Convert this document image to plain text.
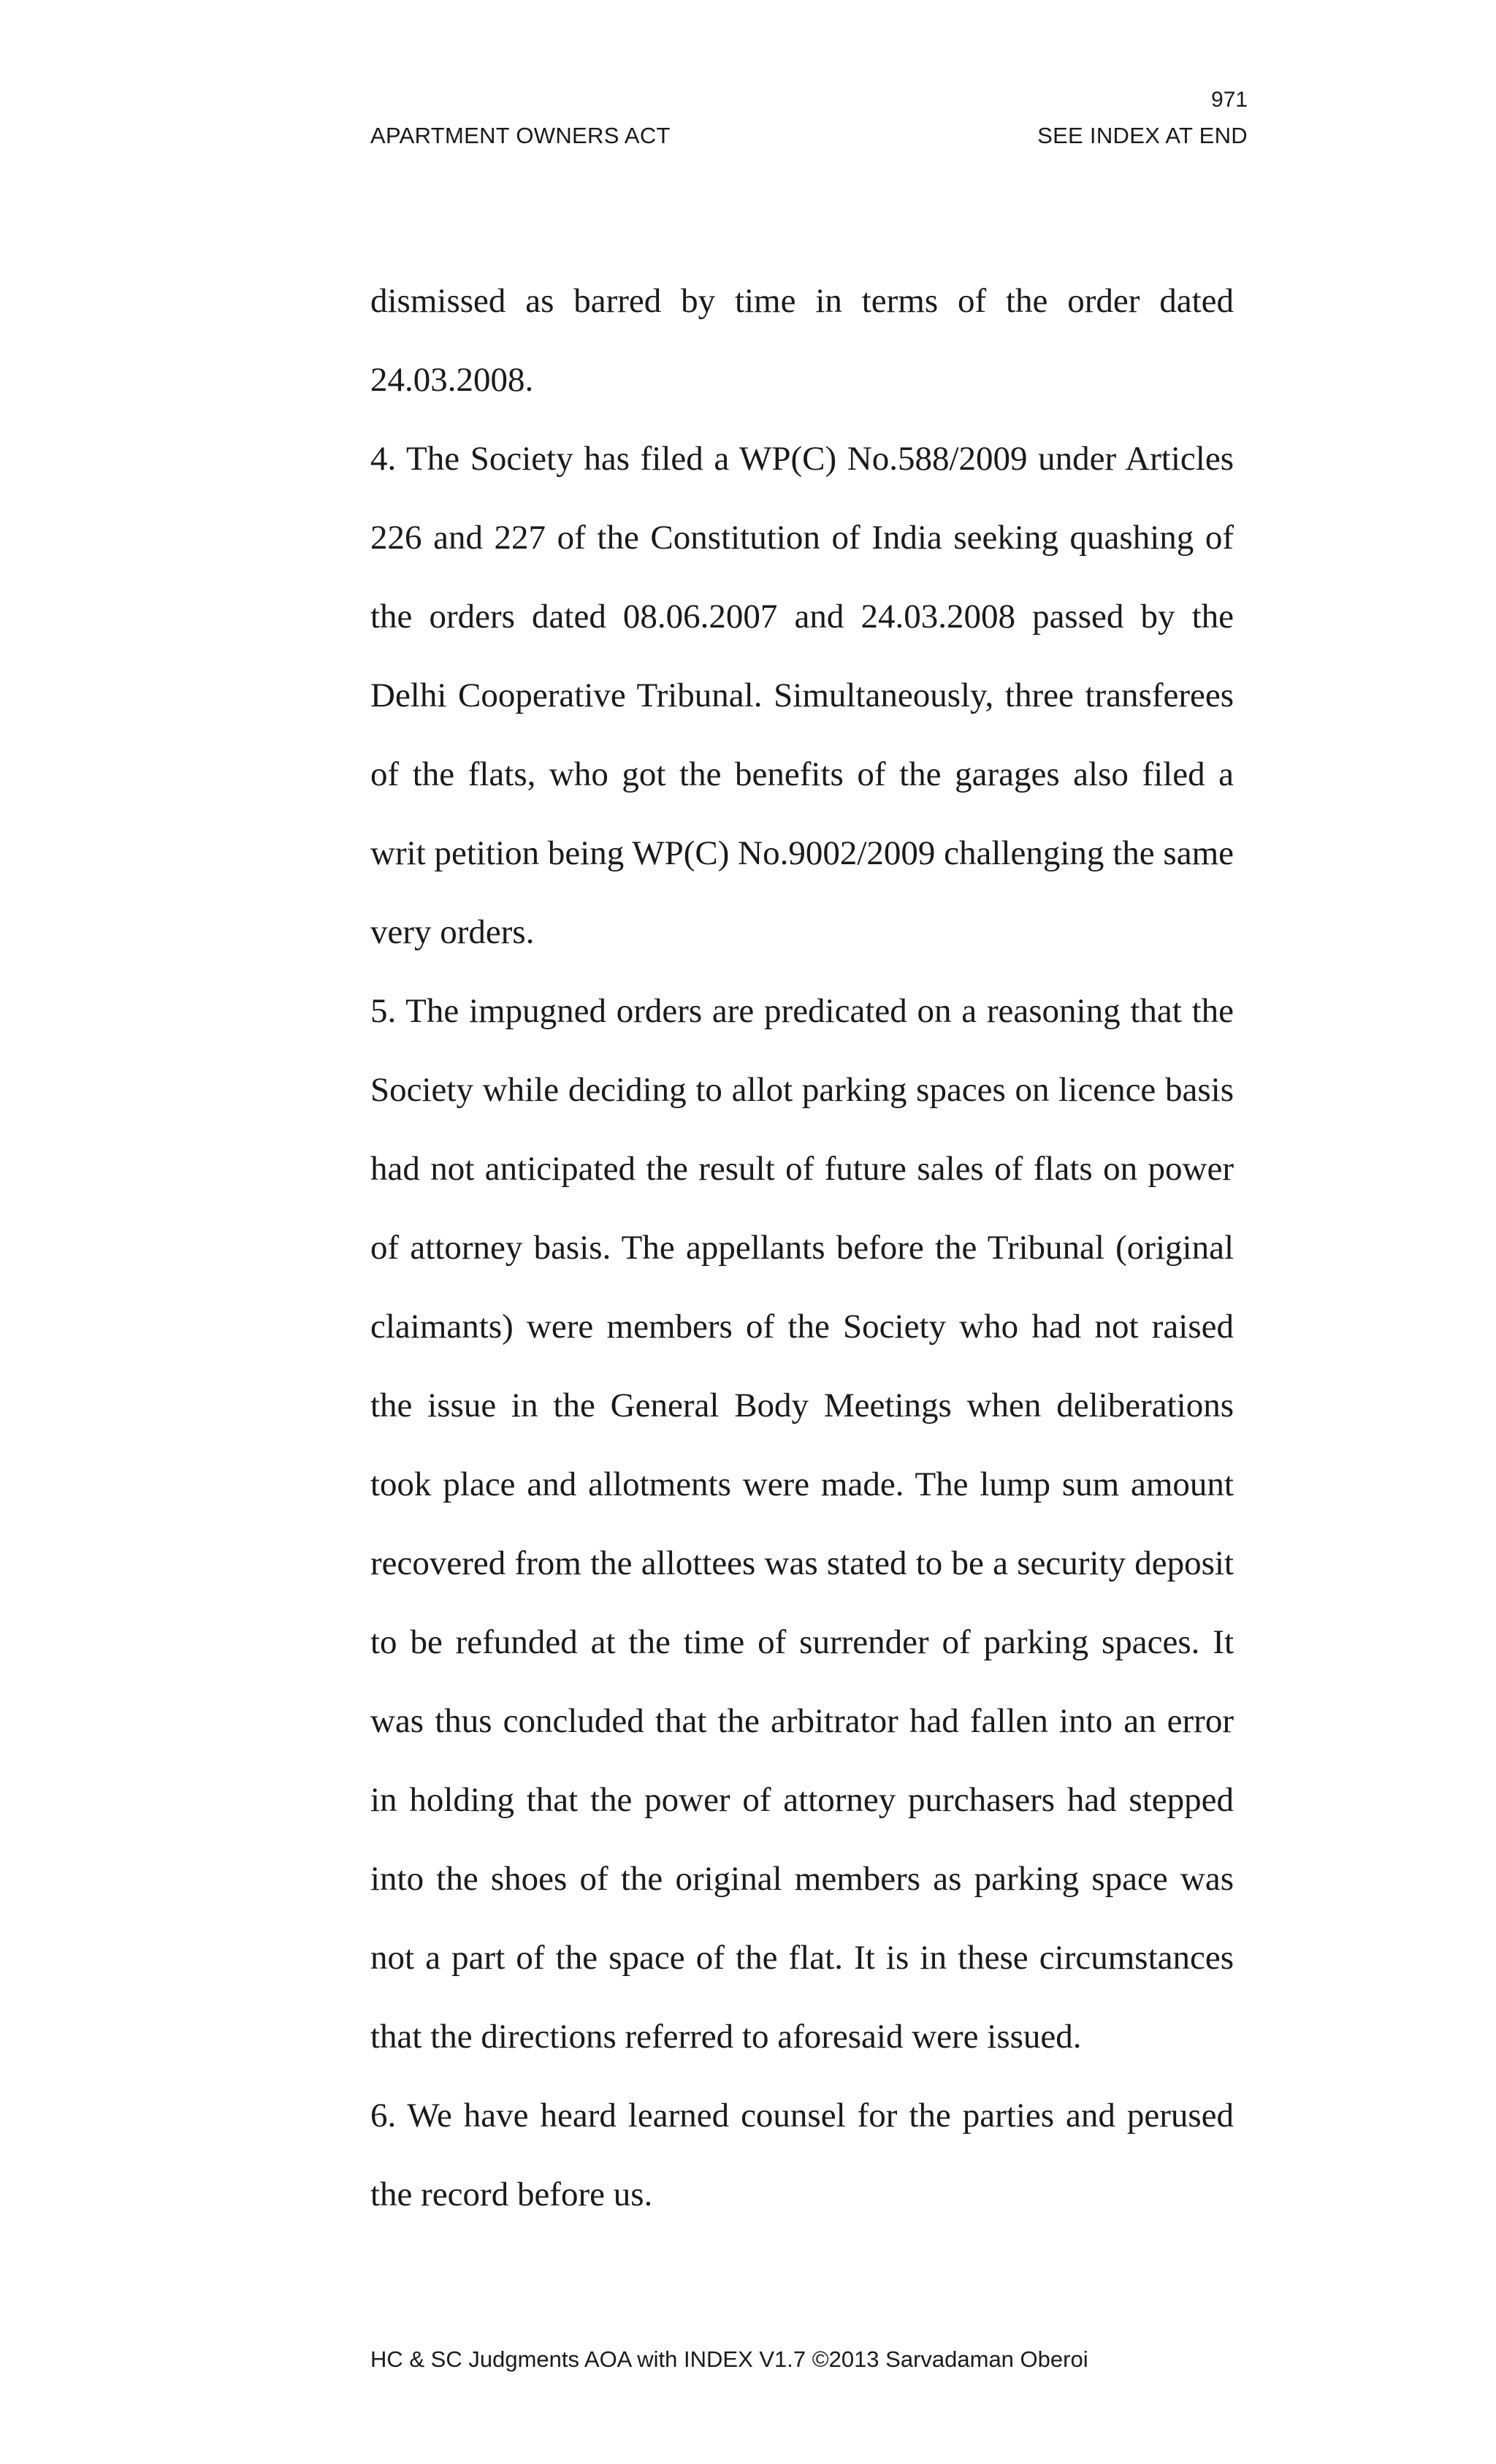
971
APARTMENT OWNERS ACT	SEE INDEX AT END

dismissed as barred by time in terms of the order dated 24.03.2008.

4. The Society has filed a WP(C) No.588/2009 under Articles 226 and 227 of the Constitution of India seeking quashing of the orders dated 08.06.2007 and 24.03.2008 passed by the Delhi Cooperative Tribunal. Simultaneously, three transferees of the flats, who got the benefits of the garages also filed a writ petition being WP(C) No.9002/2009 challenging the same very orders.

5. The impugned orders are predicated on a reasoning that the Society while deciding to allot parking spaces on licence basis had not anticipated the result of future sales of flats on power of attorney basis. The appellants before the Tribunal (original claimants) were members of the Society who had not raised the issue in the General Body Meetings when deliberations took place and allotments were made. The lump sum amount recovered from the allottees was stated to be a security deposit to be refunded at the time of surrender of parking spaces. It was thus concluded that the arbitrator had fallen into an error in holding that the power of attorney purchasers had stepped into the shoes of the original members as parking space was not a part of the space of the flat. It is in these circumstances that the directions referred to aforesaid were issued.

6. We have heard learned counsel for the parties and perused the record before us.

HC & SC Judgments AOA with INDEX V1.7 ©2013 Sarvadaman Oberoi
